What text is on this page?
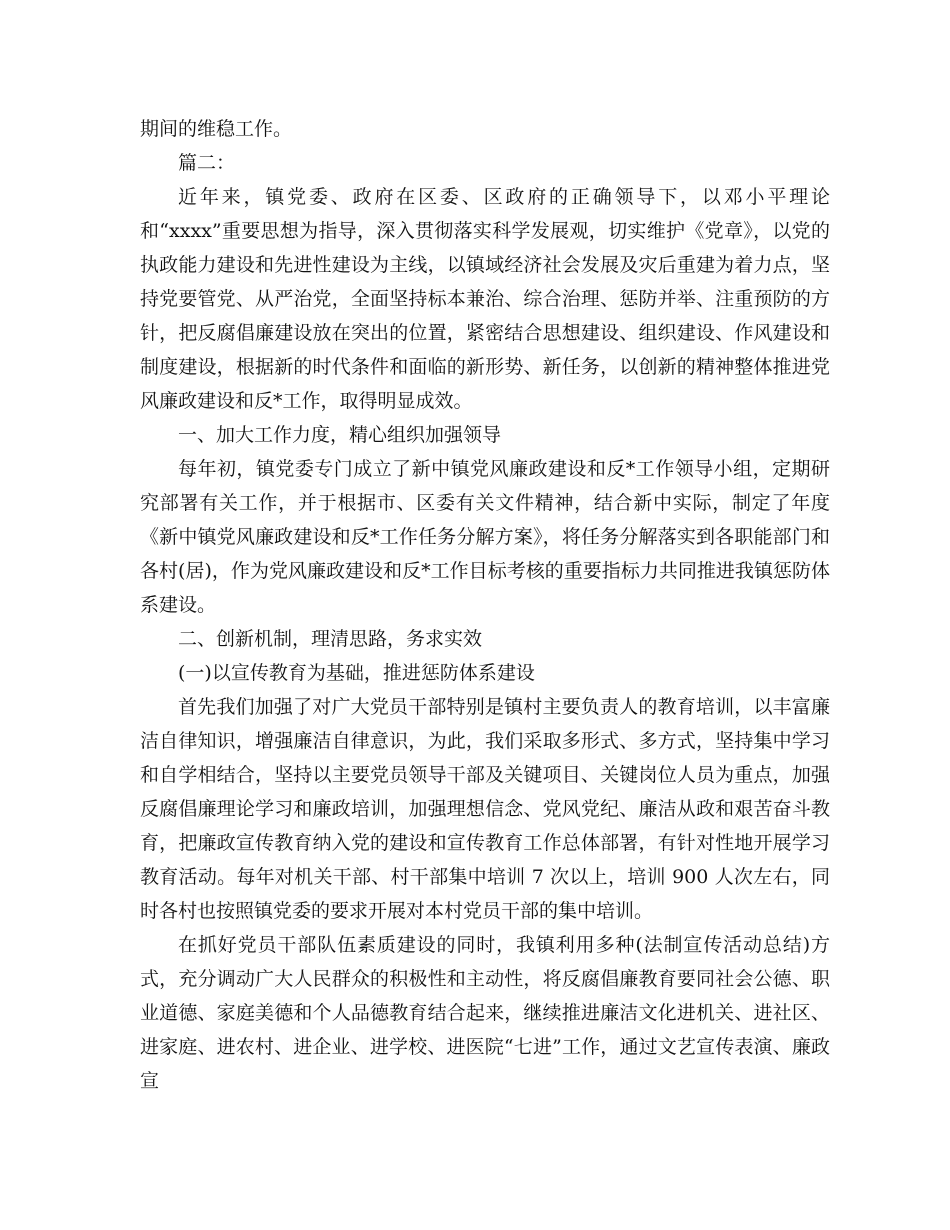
期间的维稳工作。

篇二：

近年来，镇党委、政府在区委、区政府的正确领导下，以邓小平理论和“xxxx”重要思想为指导，深入贯彻落实科学发展观，切实维护《党章》，以党的执政能力建设和先进性建设为主线，以镇域经济社会发展及灾后重建为着力点，坚持党要管党、从严治党，全面坚持标本兼治、综合治理、惩防并举、注重预防的方针，把反腐倡廉建设放在突出的位置，紧密结合思想建设、组织建设、作风建设和制度建设，根据新的时代条件和面临的新形势、新任务，以创新的精神整体推进党风廉政建设和反*工作，取得明显成效。

一、加大工作力度，精心组织加强领导

每年初，镇党委专门成立了新中镇党风廉政建设和反*工作领导小组，定期研究部署有关工作，并于根据市、区委有关文件精神，结合新中实际，制定了年度《新中镇党风廉政建设和反*工作任务分解方案》，将任务分解落实到各职能部门和各村(居)，作为党风廉政建设和反*工作目标考核的重要指标力共同推进我镇惩防体系建设。

二、创新机制，理清思路，务求实效

(一)以宣传教育为基础，推进惩防体系建设

首先我们加强了对广大党员干部特别是镇村主要负责人的教育培训，以丰富廉洁自律知识，增强廉洁自律意识，为此，我们采取多形式、多方式，坚持集中学习和自学相结合，坚持以主要党员领导干部及关键项目、关键岗位人员为重点，加强反腐倡廉理论学习和廉政培训，加强理想信念、党风党纪、廉洁从政和艰苦奋斗教育，把廉政宣传教育纳入党的建设和宣传教育工作总体部署，有针对性地开展学习教育活动。每年对机关干部、村干部集中培训 7 次以上，培训 900 人次左右，同时各村也按照镇党委的要求开展对本村党员干部的集中培训。

在抓好党员干部队伍素质建设的同时，我镇利用多种(法制宣传活动总结)方式，充分调动广大人民群众的积极性和主动性，将反腐倡廉教育要同社会公德、职业道德、家庭美德和个人品德教育结合起来，继续推进廉洁文化进机关、进社区、进家庭、进农村、进企业、进学校、进医院“七进”工作，通过文艺宣传表演、廉政宣
